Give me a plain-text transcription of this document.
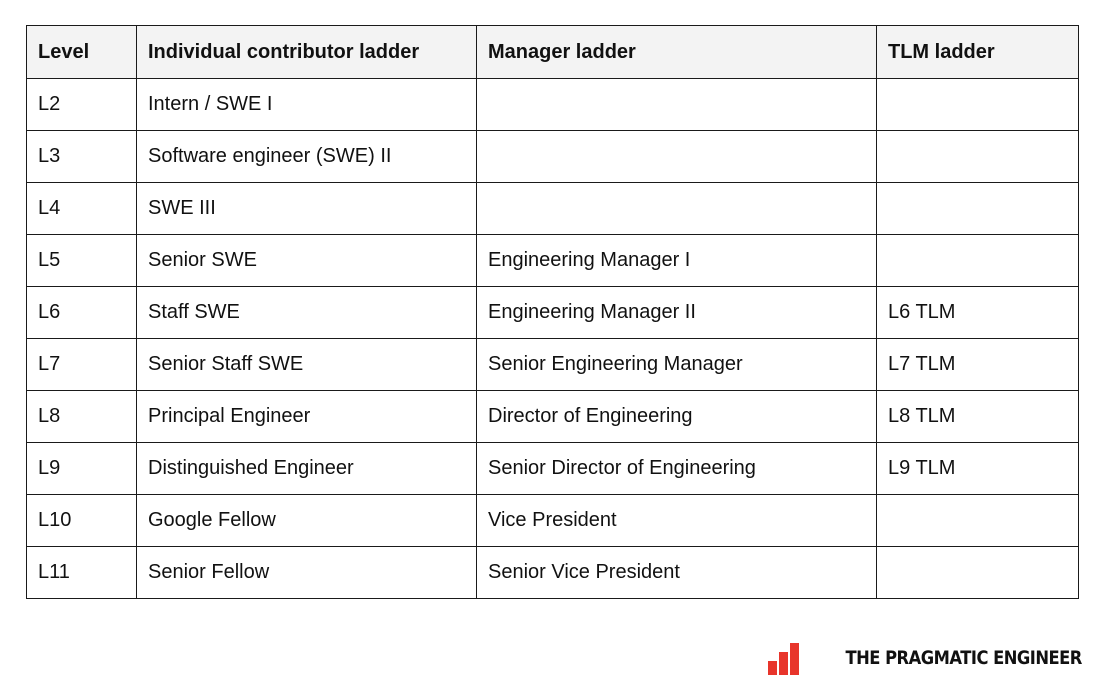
Level	Individual contributor ladder	Manager ladder	TLM ladder
L2	Intern / SWE I		
L3	Software engineer (SWE) II		
L4	SWE III		
L5	Senior SWE	Engineering Manager I	
L6	Staff SWE	Engineering Manager II	L6 TLM
L7	Senior Staff SWE	Senior Engineering Manager	L7 TLM
L8	Principal Engineer	Director of Engineering	L8 TLM
L9	Distinguished Engineer	Senior Director of Engineering	L9 TLM
L10	Google Fellow	Vice President	
L11	Senior Fellow	Senior Vice President	
THE PRAGMATIC ENGINEER
